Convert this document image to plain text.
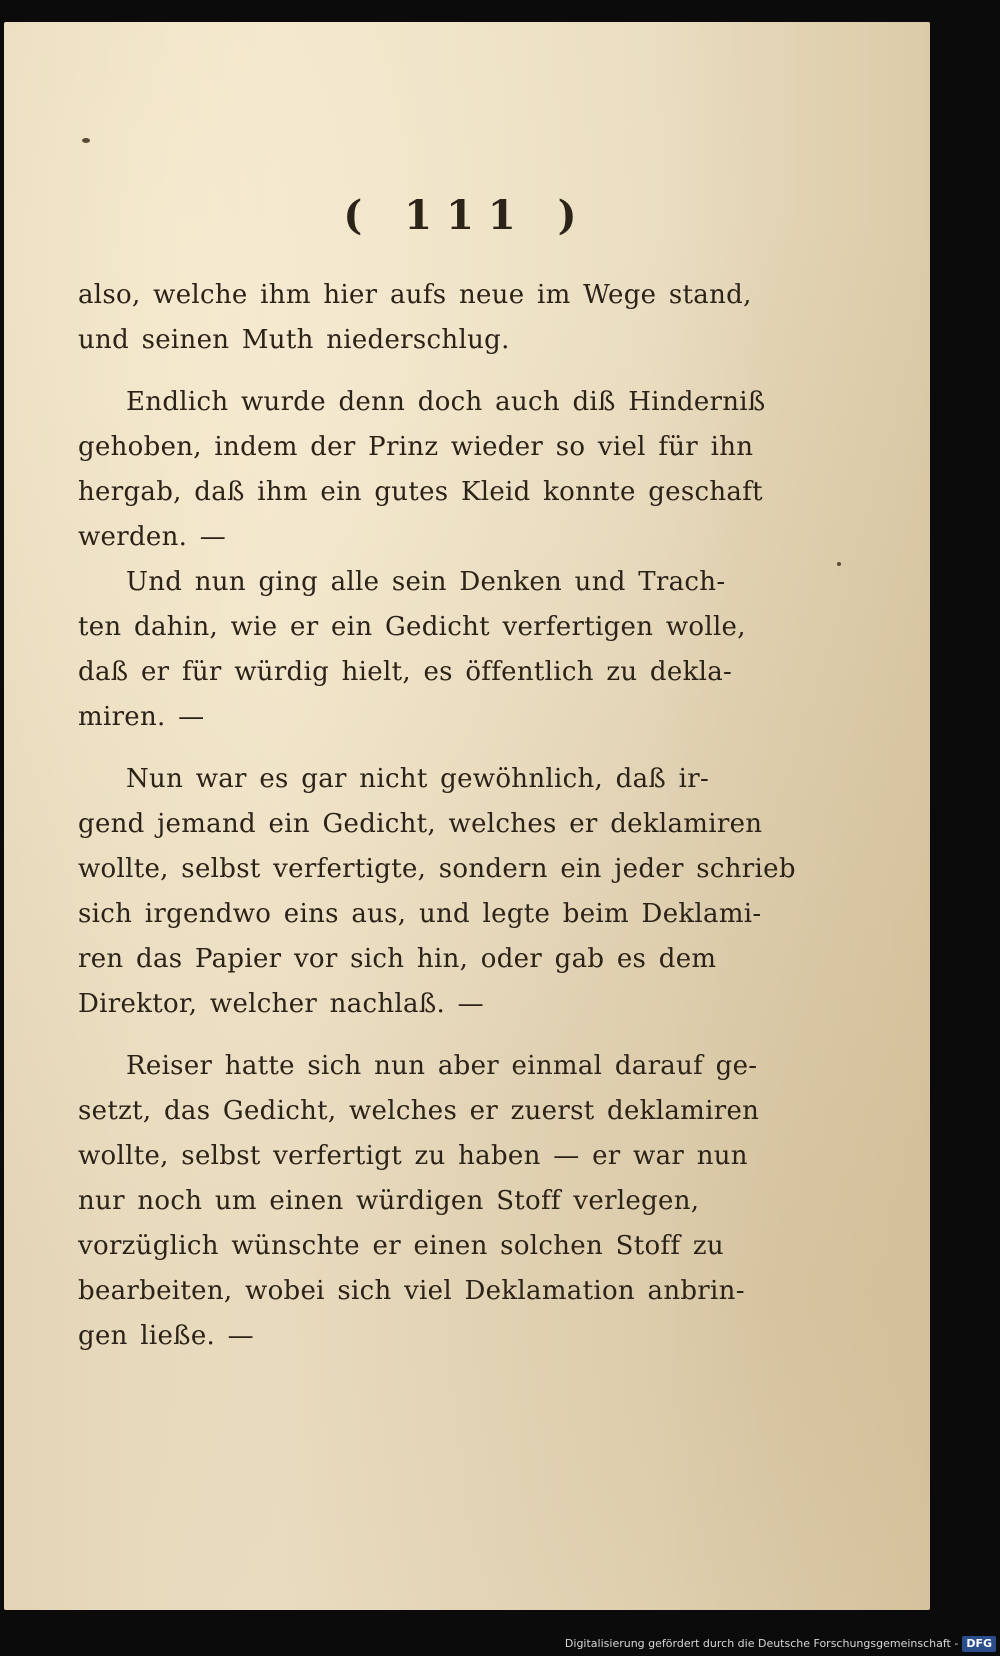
( 111 )
also, welche ihm hier aufs neue im Wege stand,
und seinen Muth niederschlug.
Endlich wurde denn doch auch diß Hinderniß
gehoben, indem der Prinz wieder so viel für ihn
hergab, daß ihm ein gutes Kleid konnte geschaft
werden. —
Und nun ging alle sein Denken und Trach-
ten dahin, wie er ein Gedicht verfertigen wolle,
daß er für würdig hielt, es öffentlich zu dekla-
miren. —
Nun war es gar nicht gewöhnlich, daß ir-
gend jemand ein Gedicht, welches er deklamiren
wollte, selbst verfertigte, sondern ein jeder schrieb
sich irgendwo eins aus, und legte beim Deklami-
ren das Papier vor sich hin, oder gab es dem
Direktor, welcher nachlaß. —
Reiser hatte sich nun aber einmal darauf ge-
setzt, das Gedicht, welches er zuerst deklamiren
wollte, selbst verfertigt zu haben — er war nun
nur noch um einen würdigen Stoff verlegen,
vorzüglich wünschte er einen solchen Stoff zu
bearbeiten, wobei sich viel Deklamation anbrin-
gen ließe. —
Digitalisierung gefördert durch die Deutsche Forschungsgemeinschaft - DFG
